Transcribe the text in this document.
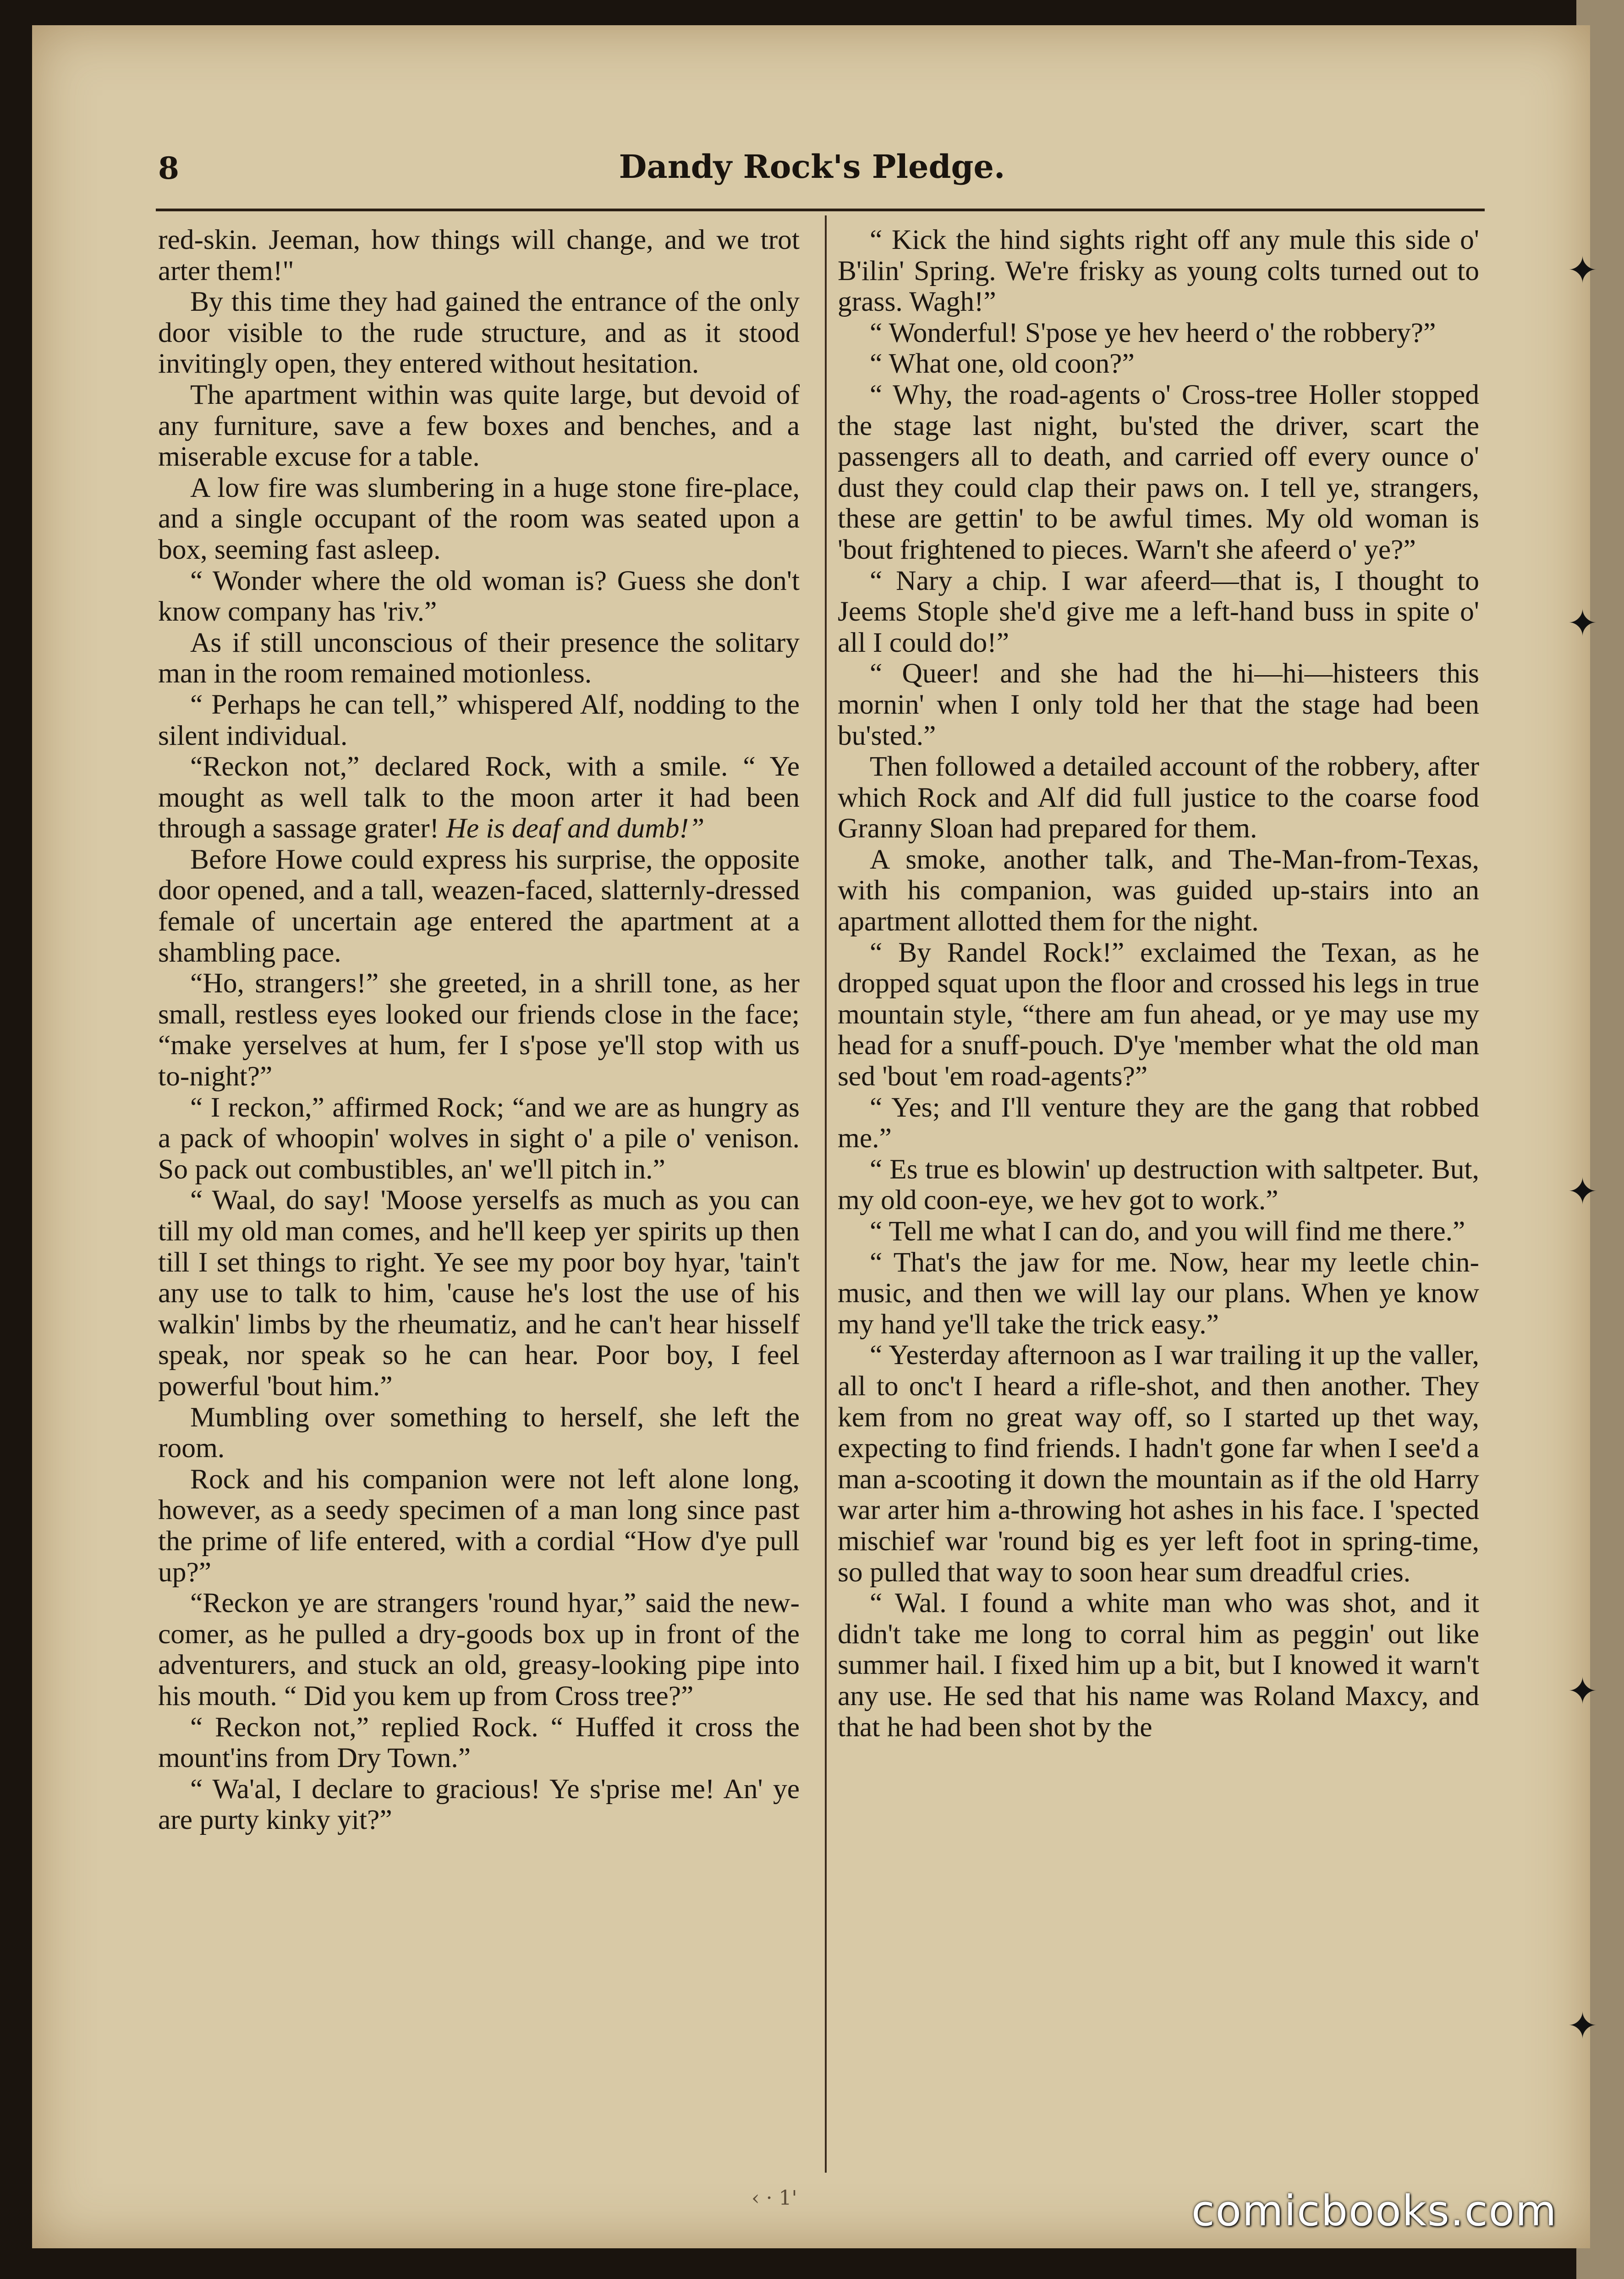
✦
✦
✦
✦
✦
8	Dandy Rock's Pledge.

red-skin. Jeeman, how things will change, and we trot arter them!"

By this time they had gained the entrance of the only door visible to the rude structure, and as it stood invitingly open, they entered without hesitation.

The apartment within was quite large, but devoid of any furniture, save a few boxes and benches, and a miserable excuse for a table.

A low fire was slumbering in a huge stone fire-place, and a single occupant of the room was seated upon a box, seeming fast asleep.

“ Wonder where the old woman is? Guess she don't know company has 'riv.”

As if still unconscious of their presence the solitary man in the room remained motionless.

“ Perhaps he can tell,” whispered Alf, nodding to the silent individual.

“Reckon not,” declared Rock, with a smile. “ Ye mought as well talk to the moon arter it had been through a sassage grater! He is deaf and dumb!”

Before Howe could express his surprise, the opposite door opened, and a tall, weazen-faced, slatternly-dressed female of uncertain age entered the apartment at a shambling pace.

“Ho, strangers!” she greeted, in a shrill tone, as her small, restless eyes looked our friends close in the face; “make yerselves at hum, fer I s'pose ye'll stop with us to-night?”

“ I reckon,” affirmed Rock; “and we are as hungry as a pack of whoopin' wolves in sight o' a pile o' venison. So pack out combustibles, an' we'll pitch in.”

“ Waal, do say! 'Moose yerselfs as much as you can till my old man comes, and he'll keep yer spirits up then till I set things to right. Ye see my poor boy hyar, 'tain't any use to talk to him, 'cause he's lost the use of his walkin' limbs by the rheumatiz, and he can't hear hisself speak, nor speak so he can hear. Poor boy, I feel powerful 'bout him.”

Mumbling over something to herself, she left the room.

Rock and his companion were not left alone long, however, as a seedy specimen of a man long since past the prime of life entered, with a cordial “How d'ye pull up?”

“Reckon ye are strangers 'round hyar,” said the new-comer, as he pulled a dry-goods box up in front of the adventurers, and stuck an old, greasy-looking pipe into his mouth. “ Did you kem up from Cross tree?”

“ Reckon not,” replied Rock. “ Huffed it cross the mount'ins from Dry Town.”

“ Wa'al, I declare to gracious! Ye s'prise me! An' ye are purty kinky yit?”

“ Kick the hind sights right off any mule this side o' B'ilin' Spring. We're frisky as young colts turned out to grass. Wagh!”

“ Wonderful! S'pose ye hev heerd o' the robbery?”

“ What one, old coon?”

“ Why, the road-agents o' Cross-tree Holler stopped the stage last night, bu'sted the driver, scart the passengers all to death, and carried off every ounce o' dust they could clap their paws on. I tell ye, strangers, these are gettin' to be awful times. My old woman is 'bout frightened to pieces. Warn't she afeerd o' ye?”

“ Nary a chip. I war afeerd—that is, I thought to Jeems Stople she'd give me a left-hand buss in spite o' all I could do!”

“ Queer! and she had the hi—hi—histeers this mornin' when I only told her that the stage had been bu'sted.”

Then followed a detailed account of the robbery, after which Rock and Alf did full justice to the coarse food Granny Sloan had prepared for them.

A smoke, another talk, and The-Man-from-Texas, with his companion, was guided up-stairs into an apartment allotted them for the night.

“ By Randel Rock!” exclaimed the Texan, as he dropped squat upon the floor and crossed his legs in true mountain style, “there am fun ahead, or ye may use my head for a snuff-pouch. D'ye 'member what the old man sed 'bout 'em road-agents?”

“ Yes; and I'll venture they are the gang that robbed me.”

“ Es true es blowin' up destruction with saltpeter. But, my old coon-eye, we hev got to work.”

“ Tell me what I can do, and you will find me there.”

“ That's the jaw for me. Now, hear my leetle chin-music, and then we will lay our plans. When ye know my hand ye'll take the trick easy.”

“ Yesterday afternoon as I war trailing it up the valler, all to onc't I heard a rifle-shot, and then another. They kem from no great way off, so I started up thet way, expecting to find friends. I hadn't gone far when I see'd a man a-scooting it down the mountain as if the old Harry war arter him a-throwing hot ashes in his face. I 'spected mischief war 'round big es yer left foot in spring-time, so pulled that way to soon hear sum dreadful cries.

“ Wal. I found a white man who was shot, and it didn't take me long to corral him as peggin' out like summer hail. I fixed him up a bit, but I knowed it warn't any use. He sed that his name was Roland Maxcy, and that he had been shot by the

‹ · 1'	comicbooks.com
